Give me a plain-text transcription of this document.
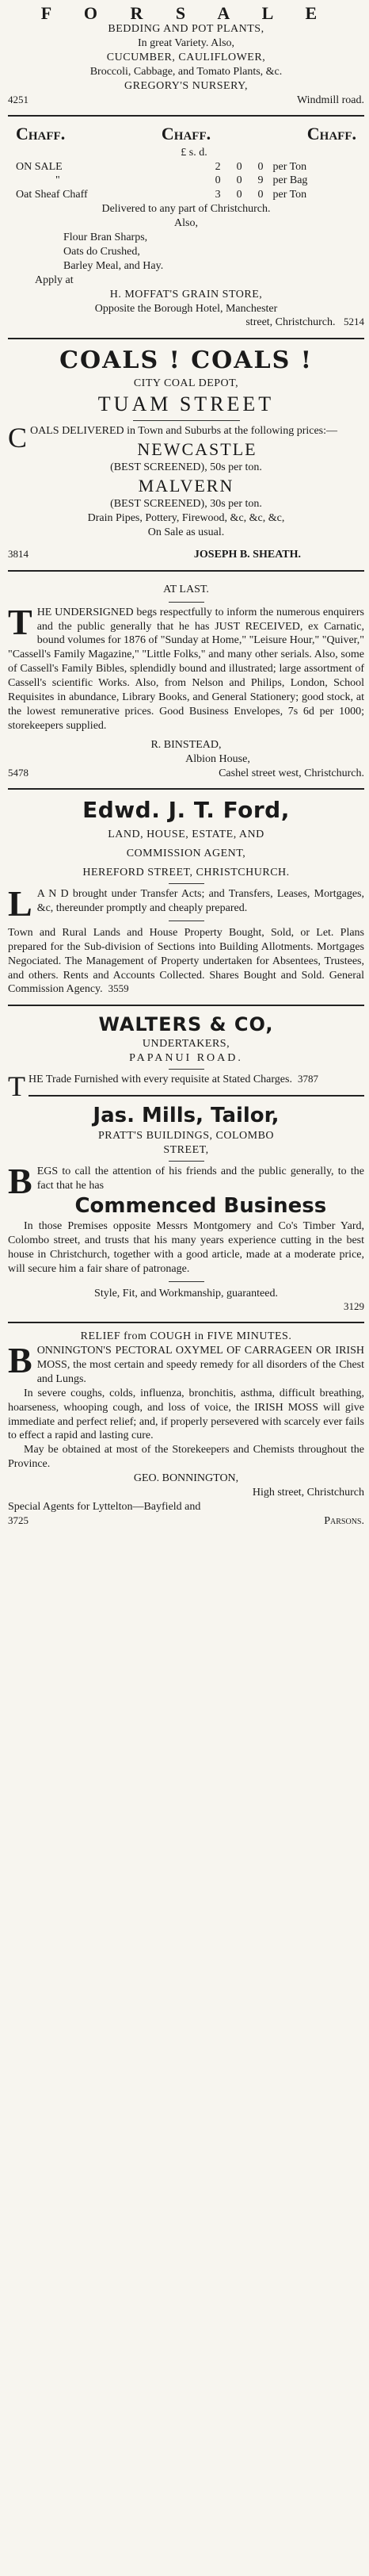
F O R S A L E
BEDDING AND POT PLANTS,
In great Variety. Also,
CUCUMBER, CAULIFLOWER,
Broccoli, Cabbage, and Tomato Plants, &c.
GREGORY'S NURSERY,
4251	Windmill road.
Chaff.	Chaff.	Chaff.
£ s. d.
ON SALE	2	0	0	per Ton
"	0	0	9	per Bag
Oat Sheaf Chaff	3	0	0	per Ton
Delivered to any part of Christchurch.
Also,
Flour Bran Sharps,
Oats do Crushed,
Barley Meal, and Hay.
Apply at
H. MOFFAT'S GRAIN STORE,
Opposite the Borough Hotel, Manchester
street, Christchurch. 5214
COALS ! COALS !
CITY COAL DEPOT,
TUAM STREET
COALS DELIVERED in Town and Suburbs at the following prices:—
NEWCASTLE
(BEST SCREENED), 50s per ton.
MALVERN
(BEST SCREENED), 30s per ton.
Drain Pipes, Pottery, Firewood, &c, &c, &c,
On Sale as usual.
3814	JOSEPH B. SHEATH.
AT LAST.
THE UNDERSIGNED begs respectfully to inform the numerous enquirers and the public generally that he has JUST RECEIVED, ex Carnatic, bound volumes for 1876 of "Sunday at Home," "Leisure Hour," "Quiver," "Cassell's Family Magazine," "Little Folks," and many other serials. Also, some of Cassell's Family Bibles, splendidly bound and illustrated; large assortment of Cassell's scientific Works. Also, from Nelson and Philips, London, School Requisites in abundance, Library Books, and General Stationery; good stock, at the lowest remunerative prices. Good Business Envelopes, 7s 6d per 1000; storekeepers supplied.
R. BINSTEAD,
Albion House,
5478	Cashel street west, Christchurch.
Edwd. J. T. Ford,
LAND, HOUSE, ESTATE, AND
COMMISSION AGENT,
HEREFORD STREET, CHRISTCHURCH.
L A N D brought under Transfer Acts; and Transfers, Leases, Mortgages, &c, thereunder promptly and cheaply prepared.
Town and Rural Lands and House Property Bought, Sold, or Let. Plans prepared for the Sub-division of Sections into Building Allotments. Mortgages Negociated. The Management of Property undertaken for Absentees, Trustees, and others. Rents and Accounts Collected. Shares Bought and Sold. General Commission Agency. 3559
WALTERS & CO,
UNDERTAKERS,
PAPANUI ROAD.
THE Trade Furnished with every requisite at Stated Charges. 3787
Jas. Mills, Tailor,
PRATT'S BUILDINGS, COLOMBO
STREET,
BEGS to call the attention of his friends and the public generally, to the fact that he has
Commenced Business
In those Premises opposite Messrs Montgomery and Co's Timber Yard, Colombo street, and trusts that his many years experience cutting in the best house in Christchurch, together with a good article, made at a moderate price, will secure him a fair share of patronage.
Style, Fit, and Workmanship, guaranteed.
3129
RELIEF from COUGH in FIVE MINUTES.
BONNINGTON'S PECTORAL OXYMEL OF CARRAGEEN OR IRISH MOSS, the most certain and speedy remedy for all disorders of the Chest and Lungs.
In severe coughs, colds, influenza, bronchitis, asthma, difficult breathing, hoarseness, whooping cough, and loss of voice, the IRISH MOSS will give immediate and perfect relief; and, if properly persevered with scarcely ever fails to effect a rapid and lasting cure.
May be obtained at most of the Storekeepers and Chemists throughout the Province.
GEO. BONNINGTON,
High street, Christchurch
Special Agents for Lyttelton—Bayfield and
3725	Parsons.
